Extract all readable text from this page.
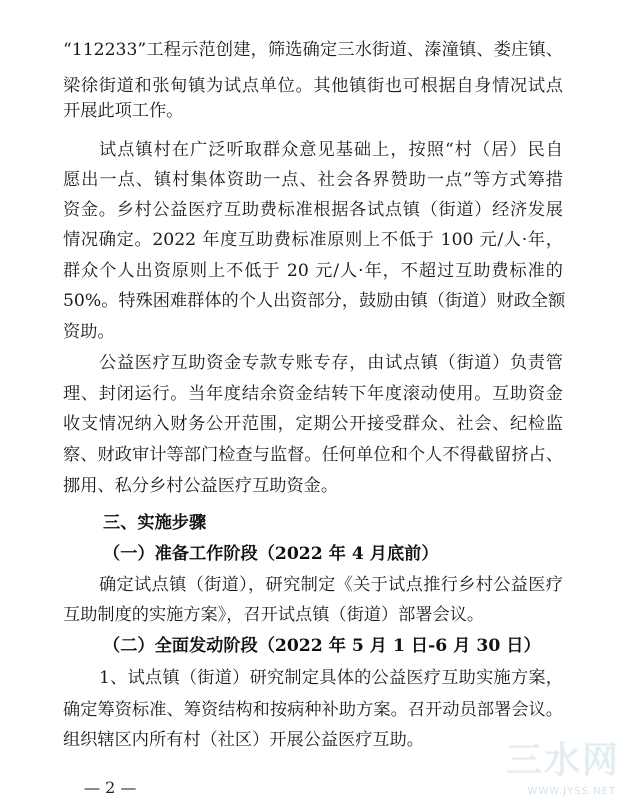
“112233”工程示范创建，筛选确定三水街道、溱潼镇、娄庄镇、
梁徐街道和张甸镇为试点单位。其他镇街也可根据自身情况试点
开展此项工作。
试点镇村在广泛听取群众意见基础上，按照“村（居）民自
愿出一点、镇村集体资助一点、社会各界赞助一点”等方式筹措
资金。乡村公益医疗互助费标准根据各试点镇（街道）经济发展
情况确定。2022 年度互助费标准原则上不低于 100 元/人·年，
群众个人出资原则上不低于 20 元/人·年，不超过互助费标准的
50%。特殊困难群体的个人出资部分，鼓励由镇（街道）财政全额
资助。
公益医疗互助资金专款专账专存，由试点镇（街道）负责管
理、封闭运行。当年度结余资金结转下年度滚动使用。互助资金
收支情况纳入财务公开范围，定期公开接受群众、社会、纪检监
察、财政审计等部门检查与监督。任何单位和个人不得截留挤占、
挪用、私分乡村公益医疗互助资金。
三、实施步骤
（一）准备工作阶段（2022 年 4 月底前）
确定试点镇（街道），研究制定《关于试点推行乡村公益医疗
互助制度的实施方案》，召开试点镇（街道）部署会议。
（二）全面发动阶段（2022 年 5 月 1 日-6 月 30 日）
1、试点镇（街道）研究制定具体的公益医疗互助实施方案，
确定筹资标准、筹资结构和按病种补助方案。召开动员部署会议。
组织辖区内所有村（社区）开展公益医疗互助。
— 2 —
三水网
WWW.JYSS.NET
